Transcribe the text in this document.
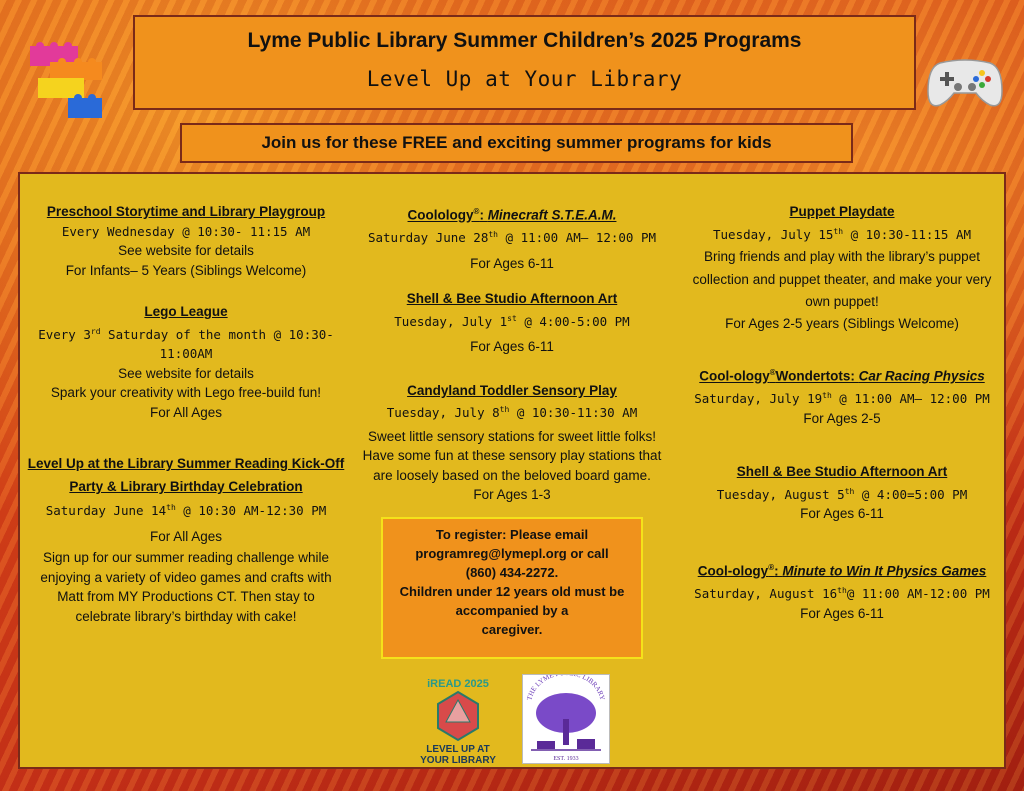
Lyme Public Library Summer Children’s 2025 Programs
Level Up at Your Library
Join us for these FREE and exciting summer programs for kids
Preschool Storytime and Library Playgroup
Every Wednesday @ 10:30- 11:15 AM
See website for details
For Infants– 5 Years (Siblings Welcome)
Lego League
Every 3rd Saturday of the month @ 10:30-
11:00AM
See website for details
Spark your creativity with Lego free-build fun!
For All Ages
Level Up at the Library Summer Reading Kick-Off
Party & Library Birthday Celebration
Saturday June 14th @ 10:30 AM-12:30 PM
For All Ages
Sign up for our summer reading challenge while
enjoying a variety of video games and crafts with
Matt from MY Productions CT. Then stay to
celebrate library’s birthday with cake!
Coolology®: Minecraft S.T.E.A.M.
Saturday June 28th @ 11:00 AM– 12:00 PM
For Ages 6-11
Shell & Bee Studio Afternoon Art
Tuesday, July 1st @ 4:00-5:00 PM
For Ages 6-11
Candyland Toddler Sensory Play
Tuesday, July 8th @ 10:30-11:30 AM
Sweet little sensory stations for sweet little folks!
Have some fun at these sensory play stations that
are loosely based on the beloved board game.
For Ages 1-3
Puppet Playdate
Tuesday, July 15th @ 10:30-11:15 AM
Bring friends and play with the library’s puppet
collection and puppet theater, and make your very
own puppet!
For Ages 2-5 years (Siblings Welcome)
Cool-ology®Wondertots: Car Racing Physics
Saturday, July 19th @ 11:00 AM– 12:00 PM
For Ages 2-5
Shell & Bee Studio Afternoon Art
Tuesday, August 5th @ 4:00=5:00 PM
For Ages 6-11
Cool-ology®: Minute to Win It Physics Games
Saturday, August 16th@ 11:00 AM-12:00 PM
For Ages 6-11
To register: Please email
programreg@lymepl.org or call
(860) 434-2272.
Children under 12 years old must be
accompanied by a
caregiver.
iREAD 2025
LEVEL UP AT
YOUR LIBRARY
THE LYME LIBRARY
EST. 1933
